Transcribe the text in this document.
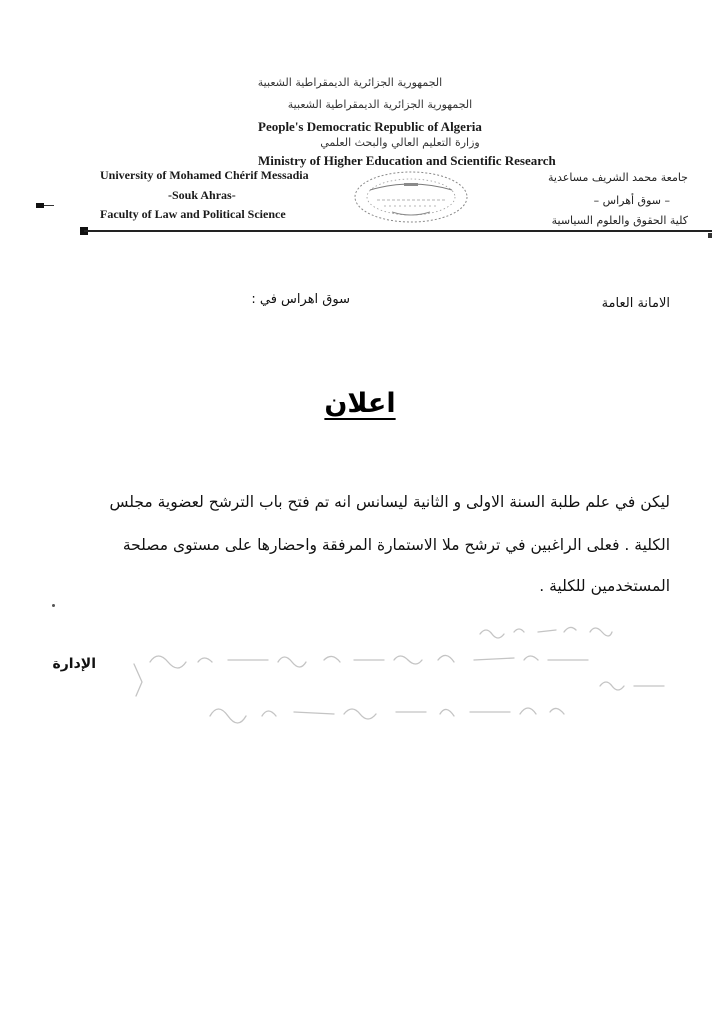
الجمهورية الجزائرية الديمقراطية الشعبية
الجمهورية الجزائرية الديمقراطية الشعبية
People's Democratic Republic of Algeria
وزارة التعليم العالي والبحث العلمي
Ministry of Higher Education and Scientific Research
University of Mohamed Chérif Messadia
-Souk Ahras-
Faculty of Law and Political Science
جامعة محمد الشريف مساعدية
– سوق أهراس –
كلية الحقوق والعلوم السياسية
الامانة العامة
سوق اهراس في :
اعلان
ليكن في علم طلبة السنة الاولى و الثانية ليسانس انه تم فتح باب الترشح لعضوية مجلس
الكلية . فعلى الراغبين في ترشح ملا الاستمارة المرفقة واحضارها على مستوى مصلحة
المستخدمين للكلية .
الإدارة
